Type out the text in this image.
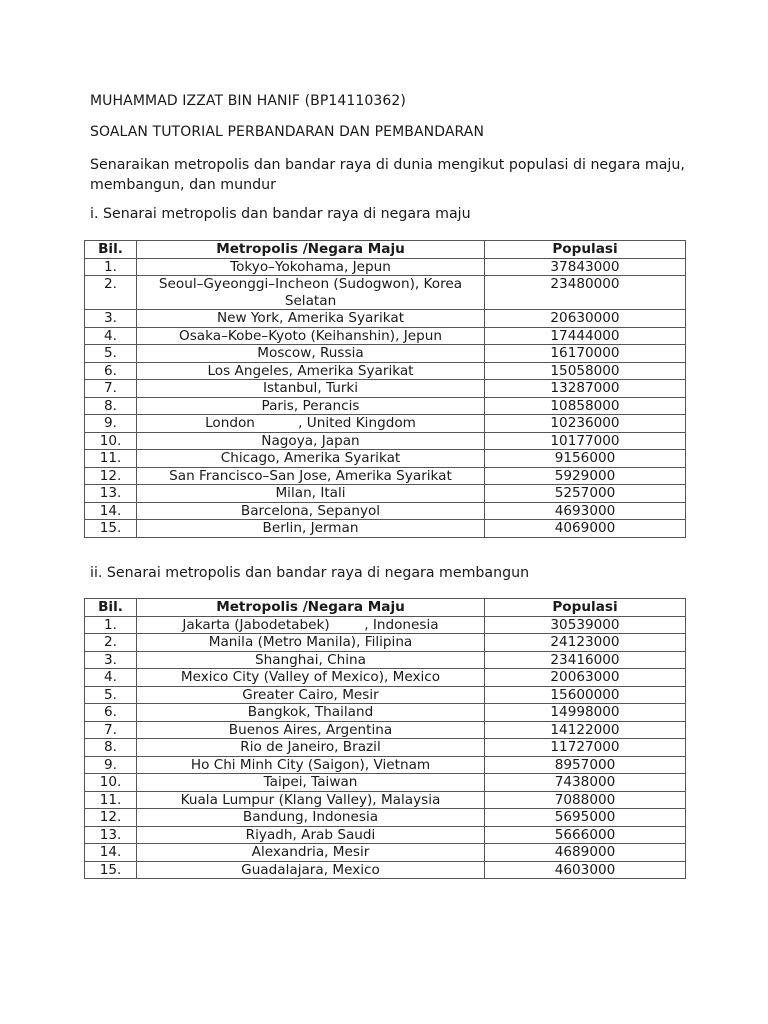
MUHAMMAD IZZAT BIN HANIF (BP14110362)
SOALAN TUTORIAL PERBANDARAN DAN PEMBANDARAN
Senaraikan metropolis dan bandar raya di dunia mengikut populasi di negara maju, membangun, dan mundur
i. Senarai metropolis dan bandar raya di negara maju
Bil.	Metropolis /Negara Maju	Populasi
1.	Tokyo–Yokohama, Jepun	37843000
2.	Seoul–Gyeonggi–Incheon (Sudogwon), Korea Selatan	23480000
3.	New York, Amerika Syarikat	20630000
4.	Osaka–Kobe–Kyoto (Keihanshin), Jepun	17444000
5.	Moscow, Russia	16170000
6.	Los Angeles, Amerika Syarikat	15058000
7.	Istanbul, Turki	13287000
8.	Paris, Perancis	10858000
9.	London          , United Kingdom	10236000
10.	Nagoya, Japan	10177000
11.	Chicago, Amerika Syarikat	9156000
12.	San Francisco–San Jose, Amerika Syarikat	5929000
13.	Milan, Itali	5257000
14.	Barcelona, Sepanyol	4693000
15.	Berlin, Jerman	4069000
ii. Senarai metropolis dan bandar raya di negara membangun
Bil.	Metropolis /Negara Maju	Populasi
1.	Jakarta (Jabodetabek)        , Indonesia	30539000
2.	Manila (Metro Manila), Filipina	24123000
3.	Shanghai, China	23416000
4.	Mexico City (Valley of Mexico), Mexico	20063000
5.	Greater Cairo, Mesir	15600000
6.	Bangkok, Thailand	14998000
7.	Buenos Aires, Argentina	14122000
8.	Rio de Janeiro, Brazil	11727000
9.	Ho Chi Minh City (Saigon), Vietnam	8957000
10.	Taipei, Taiwan	7438000
11.	Kuala Lumpur (Klang Valley), Malaysia	7088000
12.	Bandung, Indonesia	5695000
13.	Riyadh, Arab Saudi	5666000
14.	Alexandria, Mesir	4689000
15.	Guadalajara, Mexico	4603000
